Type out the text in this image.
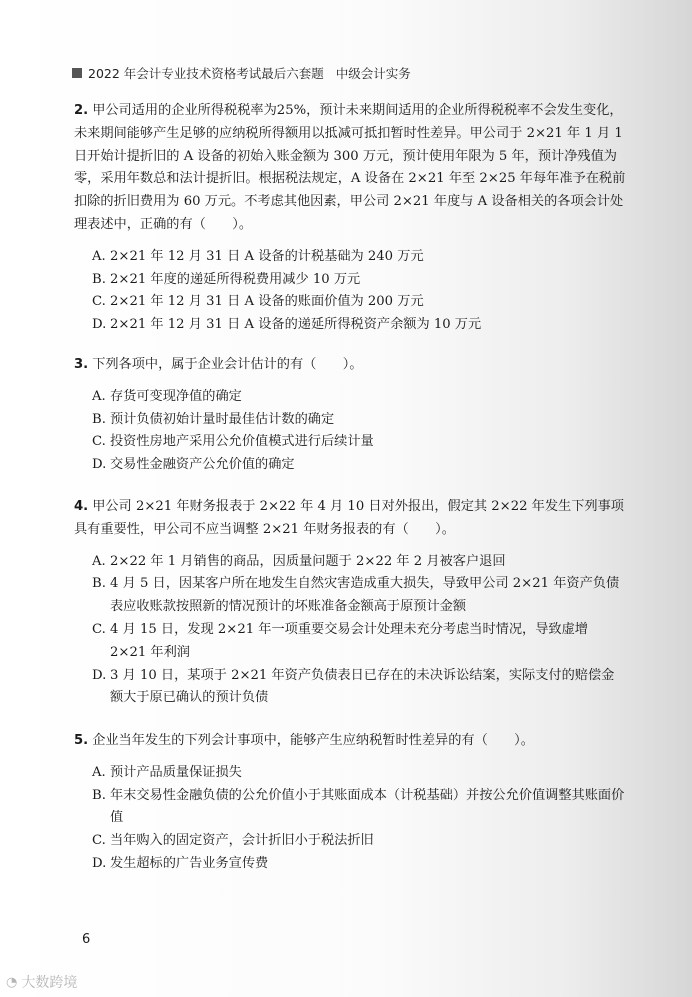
2022 年会计专业技术资格考试最后六套题 中级会计实务
2. 甲公司适用的企业所得税税率为25%，预计未来期间适用的企业所得税税率不会发生变化，未来期间能够产生足够的应纳税所得额用以抵减可抵扣暂时性差异。甲公司于 2×21 年 1 月 1 日开始计提折旧的 A 设备的初始入账金额为 300 万元，预计使用年限为 5 年，预计净残值为零，采用年数总和法计提折旧。根据税法规定，A 设备在 2×21 年至 2×25 年每年准予在税前扣除的折旧费用为 60 万元。不考虑其他因素，甲公司 2×21 年度与 A 设备相关的各项会计处理表述中，正确的有（　　）。
A. 2×21 年 12 月 31 日 A 设备的计税基础为 240 万元
B. 2×21 年度的递延所得税费用减少 10 万元
C. 2×21 年 12 月 31 日 A 设备的账面价值为 200 万元
D. 2×21 年 12 月 31 日 A 设备的递延所得税资产余额为 10 万元
3. 下列各项中，属于企业会计估计的有（　　）。
A. 存货可变现净值的确定
B. 预计负债初始计量时最佳估计数的确定
C. 投资性房地产采用公允价值模式进行后续计量
D. 交易性金融资产公允价值的确定
4. 甲公司 2×21 年财务报表于 2×22 年 4 月 10 日对外报出，假定其 2×22 年发生下列事项具有重要性，甲公司不应当调整 2×21 年财务报表的有（　　）。
A. 2×22 年 1 月销售的商品，因质量问题于 2×22 年 2 月被客户退回
B. 4 月 5 日，因某客户所在地发生自然灾害造成重大损失，导致甲公司 2×21 年资产负债表应收账款按照新的情况预计的坏账准备金额高于原预计金额
C. 4 月 15 日，发现 2×21 年一项重要交易会计处理未充分考虑当时情况，导致虚增 2×21 年利润
D. 3 月 10 日，某项于 2×21 年资产负债表日已存在的未决诉讼结案，实际支付的赔偿金额大于原已确认的预计负债
5. 企业当年发生的下列会计事项中，能够产生应纳税暂时性差异的有（　　）。
A. 预计产品质量保证损失
B. 年末交易性金融负债的公允价值小于其账面成本（计税基础）并按公允价值调整其账面价值
C. 当年购入的固定资产，会计折旧小于税法折旧
D. 发生超标的广告业务宣传费
6
◔ 大数跨境
